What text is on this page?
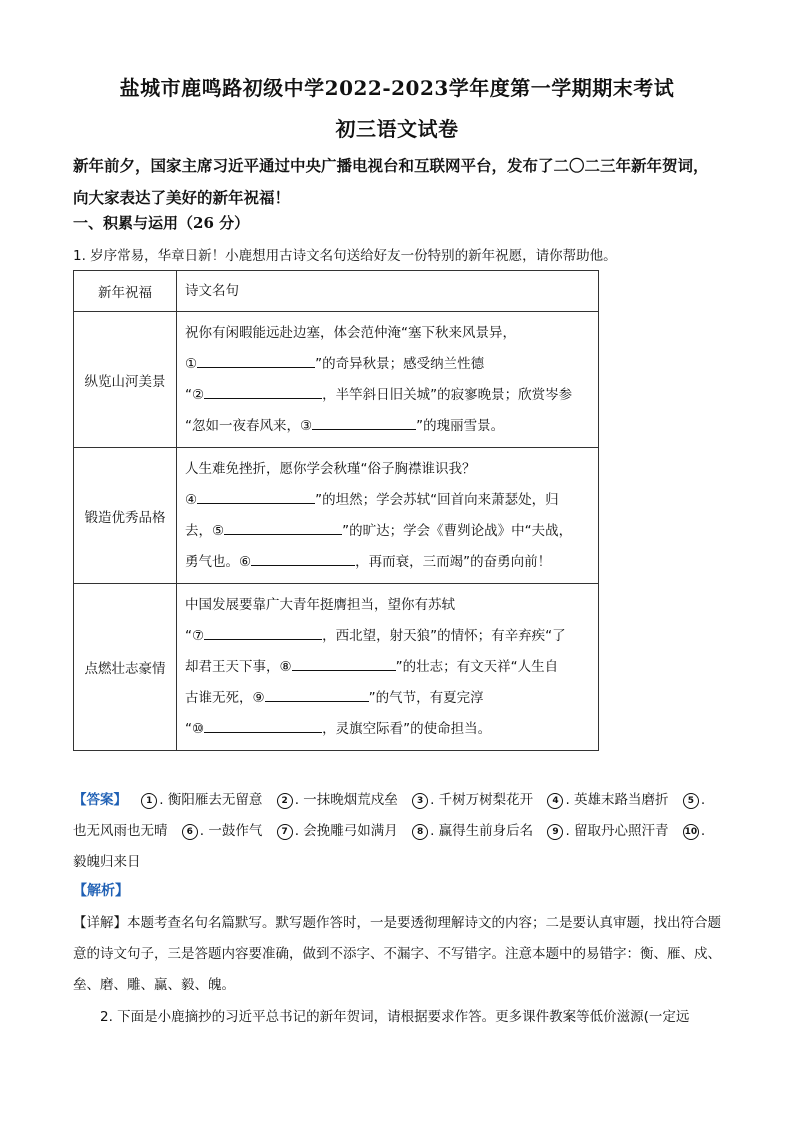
盐城市鹿鸣路初级中学2022-2023学年度第一学期期末考试
初三语文试卷
新年前夕，国家主席习近平通过中央广播电视台和互联网平台，发布了二〇二三年新年贺词，向大家表达了美好的新年祝福！
一、积累与运用（26 分）
1. 岁序常易，华章日新！小鹿想用古诗文名句送给好友一份特别的新年祝愿，请你帮助他。
新年祝福	诗文名句
纵览山河美景	祝你有闲暇能远赴边塞，体会范仲淹“塞下秋来风景异，
① ”的奇异秋景；感受纳兰性德
“② ，半竿斜日旧关城”的寂寥晚景；欣赏岑参
“忽如一夜春风来，③ ”的瑰丽雪景。

锻造优秀品格	人生难免挫折，愿你学会秋瑾“俗子胸襟谁识我？
④ ”的坦然；学会苏轼“回首向来萧瑟处，归
去，⑤ ”的旷达；学会《曹刿论战》中“夫战，
勇气也。⑥ ，再而衰，三而竭”的奋勇向前！

点燃壮志豪情	中国发展要靠广大青年挺膺担当，望你有苏轼
“⑦ ，西北望，射天狼”的情怀；有辛弃疾“了
却君王天下事，⑧ ”的壮志；有文天祥“人生自
古谁无死，⑨ ”的气节，有夏完淳
“⑩ ，灵旗空际看”的使命担当。
【答案】 1 . 衡阳雁去无留意 2 . 一抹晚烟荒戍垒 3 . 千树万树梨花开 4 . 英雄末路当磨折 5 . 也无风雨也无晴 6 . 一鼓作气 7 . 会挽雕弓如满月 8 . 赢得生前身后名 9 . 留取丹心照汗青 10 . 毅魄归来日
【解析】
【详解】本题考查名句名篇默写。默写题作答时，一是要透彻理解诗文的内容；二是要认真审题，找出符合题意的诗文句子，三是答题内容要准确，做到不添字、不漏字、不写错字。注意本题中的易错字：衡、雁、戍、垒、磨、雕、赢、毅、魄。
2. 下面是小鹿摘抄的习近平总书记的新年贺词，请根据要求作答。更多课件教案等低价滋源(一定远
